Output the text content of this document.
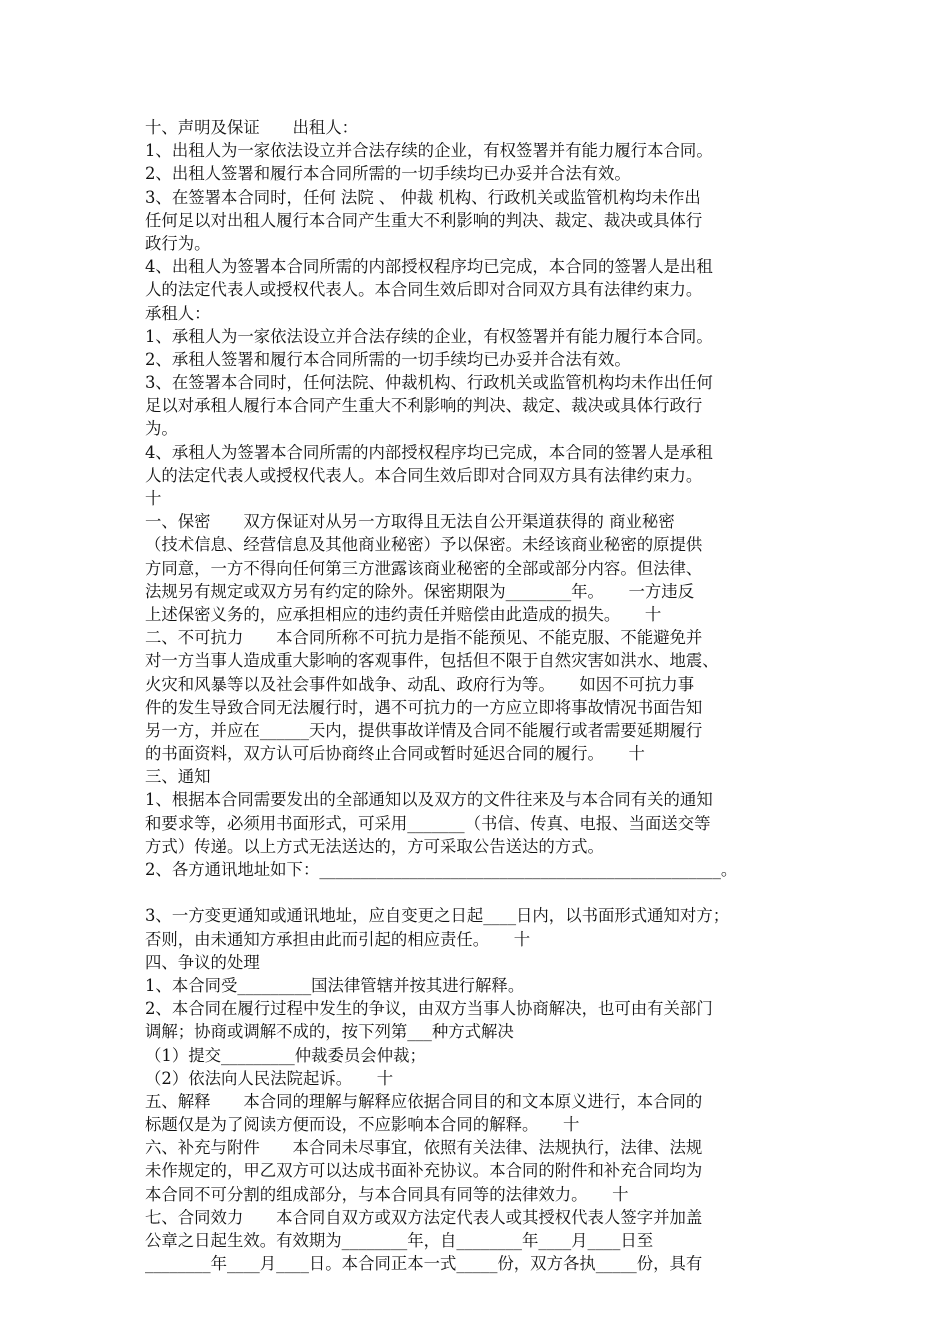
十、声明及保证　　出租人：
1、出租人为一家依法设立并合法存续的企业，有权签署并有能力履行本合同。
2、出租人签署和履行本合同所需的一切手续均已办妥并合法有效。
3、在签署本合同时，任何 法院 、 仲裁 机构、行政机关或监管机构均未作出
任何足以对出租人履行本合同产生重大不利影响的判决、裁定、裁决或具体行
政行为。
4、出租人为签署本合同所需的内部授权程序均已完成，本合同的签署人是出租
人的法定代表人或授权代表人。本合同生效后即对合同双方具有法律约束力。
承租人：
1、承租人为一家依法设立并合法存续的企业，有权签署并有能力履行本合同。
2、承租人签署和履行本合同所需的一切手续均已办妥并合法有效。
3、在签署本合同时，任何法院、仲裁机构、行政机关或监管机构均未作出任何
足以对承租人履行本合同产生重大不利影响的判决、裁定、裁决或具体行政行
为。
4、承租人为签署本合同所需的内部授权程序均已完成，本合同的签署人是承租
人的法定代表人或授权代表人。本合同生效后即对合同双方具有法律约束力。
十
一、保密　　双方保证对从另一方取得且无法自公开渠道获得的 商业秘密
（技术信息、经营信息及其他商业秘密）予以保密。未经该商业秘密的原提供
方同意，一方不得向任何第三方泄露该商业秘密的全部或部分内容。但法律、
法规另有规定或双方另有约定的除外。保密期限为________年。　　一方违反
上述保密义务的，应承担相应的违约责任并赔偿由此造成的损失。　　十
二、不可抗力　　本合同所称不可抗力是指不能预见、不能克服、不能避免并
对一方当事人造成重大影响的客观事件，包括但不限于自然灾害如洪水、地震、
火灾和风暴等以及社会事件如战争、动乱、政府行为等。　　如因不可抗力事
件的发生导致合同无法履行时，遇不可抗力的一方应立即将事故情况书面告知
另一方，并应在______天内，提供事故详情及合同不能履行或者需要延期履行
的书面资料，双方认可后协商终止合同或暂时延迟合同的履行。　　十
三、通知
1、根据本合同需要发出的全部通知以及双方的文件往来及与本合同有关的通知
和要求等，必须用书面形式，可采用_______（书信、传真、电报、当面送交等
方式）传递。以上方式无法送达的，方可采取公告送达的方式。
2、各方通讯地址如下：_________________________________________________。
3、一方变更通知或通讯地址，应自变更之日起____日内，以书面形式通知对方；
否则，由未通知方承担由此而引起的相应责任。　　十
四、争议的处理
1、本合同受_________国法律管辖并按其进行解释。
2、本合同在履行过程中发生的争议，由双方当事人协商解决，也可由有关部门
调解；协商或调解不成的，按下列第___种方式解决
（1）提交_________仲裁委员会仲裁；
（2）依法向人民法院起诉。　　十
五、解释　　本合同的理解与解释应依据合同目的和文本原义进行，本合同的
标题仅是为了阅读方便而设，不应影响本合同的解释。　　十
六、补充与附件　　本合同未尽事宜，依照有关法律、法规执行，法律、法规
未作规定的，甲乙双方可以达成书面补充协议。本合同的附件和补充合同均为
本合同不可分割的组成部分，与本合同具有同等的法律效力。　　十
七、合同效力　　本合同自双方或双方法定代表人或其授权代表人签字并加盖
公章之日起生效。有效期为________年，自________年____月____日至
________年____月____日。本合同正本一式_____份，双方各执_____份，具有
